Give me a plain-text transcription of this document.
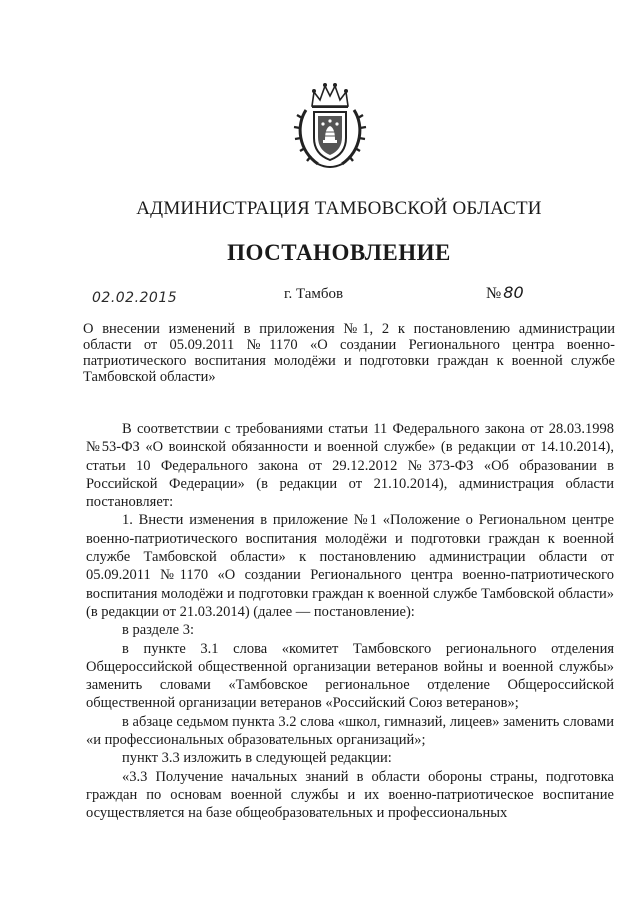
АДМИНИСТРАЦИЯ ТАМБОВСКОЙ ОБЛАСТИ
ПОСТАНОВЛЕНИЕ
02.02.2015	г. Тамбов	№ 80
О внесении изменений в приложения №1, 2 к постановлению администрации области от 05.09.2011 №1170 «О создании Регионального центра военно-патриотического воспитания молодёжи и подготовки граждан к военной службе Тамбовской области»

В соответствии с требованиями статьи 11 Федерального закона от 28.03.1998 №53-ФЗ «О воинской обязанности и военной службе» (в редакции от 14.10.2014), статьи 10 Федерального закона от 29.12.2012 №373-ФЗ «Об образовании в Российской Федерации» (в редакции от 21.10.2014), администрация области постановляет:

1. Внести изменения в приложение №1 «Положение о Региональном центре военно-патриотического воспитания молодёжи и подготовки граждан к военной службе Тамбовской области» к постановлению администрации области от 05.09.2011 №1170 «О создании Регионального центра военно-патриотического воспитания молодёжи и подготовки граждан к военной службе Тамбовской области» (в редакции от 21.03.2014) (далее — постановление):

в разделе 3:

в пункте 3.1 слова «комитет Тамбовского регионального отделения Общероссийской общественной организации ветеранов войны и военной службы» заменить словами «Тамбовское региональное отделение Общероссийской общественной организации ветеранов «Российский Союз ветеранов»;

в абзаце седьмом пункта 3.2 слова «школ, гимназий, лицеев» заменить словами «и профессиональных образовательных организаций»;

пункт 3.3 изложить в следующей редакции:

«3.3 Получение начальных знаний в области обороны страны, подготовка граждан по основам военной службы и их военно-патриотическое воспитание осуществляется на базе общеобразовательных и профессиональных
